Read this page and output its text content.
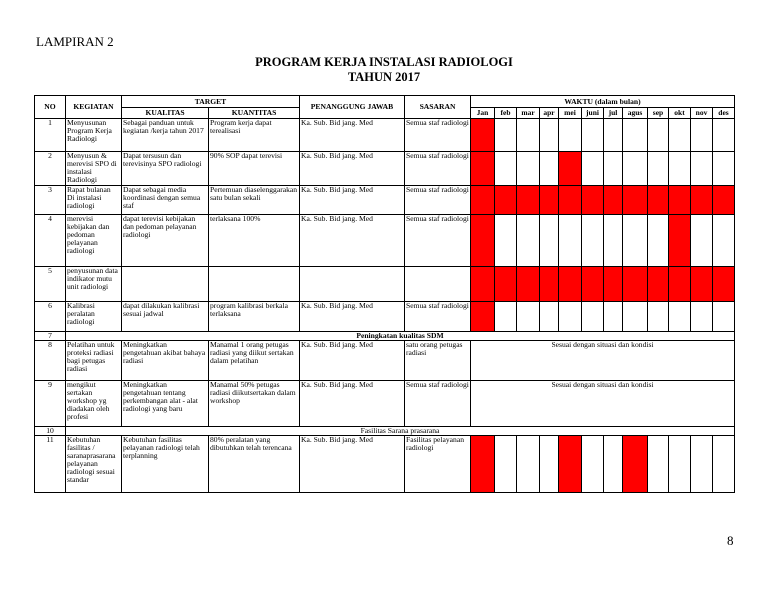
LAMPIRAN 2
PROGRAM KERJA INSTALASI RADIOLOGI
TAHUN 2017
NO	KEGIATAN	TARGET		PENANGGUNG JAWAB	SASARAN	WAKTU (dalam bulan)											
		KUALITAS	KUANTITAS			Jan	feb	mar	apr	mei	juni	jul	agus	sep	okt	nov	des
1	Menyusunan Program Kerja Radiologi	Sebagai panduan untuk kegiatan /kerja tahun 2017	Program kerja dapat terealisasi	Ka. Sub. Bid jang. Med	Semua staf radiologi												
2	Menyusun & merevisi SPO di instalasi Radiologi	Dapat tersusun dan terevisinya SPO radiologi	90% SOP dapat terevisi	Ka. Sub. Bid jang. Med	Semua staf radiologi												
3	Rapat bulanan Di instalasi radiologi	Dapat sebagai media koordinasi dengan semua staf	Pertemuan diaselenggarakan satu bulan sekali	Ka. Sub. Bid jang. Med	Semua staf radiologi												
4	merevisi kebijakan dan pedoman pelayanan radiologi	dapat terevisi kebijakan dan pedoman pelayanan radiologi	terlaksana 100%	Ka. Sub. Bid jang. Med	Semua staf radiologi												
5	penyusunan data indikator mutu unit radiologi																
6	Kalibrasi peralatan radiologi	dapat dilakukan kalibrasi sesuai jadwal	program kalibrasi berkala terlaksana	Ka. Sub. Bid jang. Med	Semua staf radiologi												
7	Peningkatan kualitas SDM																
8	Pelatihan untuk proteksi radiasi bagi petugas radiasi	Meningkatkan pengetahuan akibat bahaya radiasi	Manamal 1 orang petugas radiasi yang diikut sertakan dalam pelatihan	Ka. Sub. Bid jang. Med	satu orang petugas radiasi	Sesuai dengan situasi dan kondisi											
9	mengikut sertakan workshop yg diadakan oleh profesi	Meningkatkan pengetahuan tentang perkembangan alat - alat radiologi yang baru	Manamal 50% petugas radiasi diikutsertakan dalam workshop	Ka. Sub. Bid jang. Med	Semua staf radiologi	Sesuai dengan situasi dan kondisi											
10	Fasilitas Sarana prasarana																
11	Kebutuhan fasilitas / saranaprasarana pelayanan radiologi sesuai standar	Kebutuhan fasilitas pelayanan radiologi telah terplanning	80% peralatan yang dibutuhkan telah terencana	Ka. Sub. Bid jang. Med	Fasilitas pelayanan radiologi												
8
